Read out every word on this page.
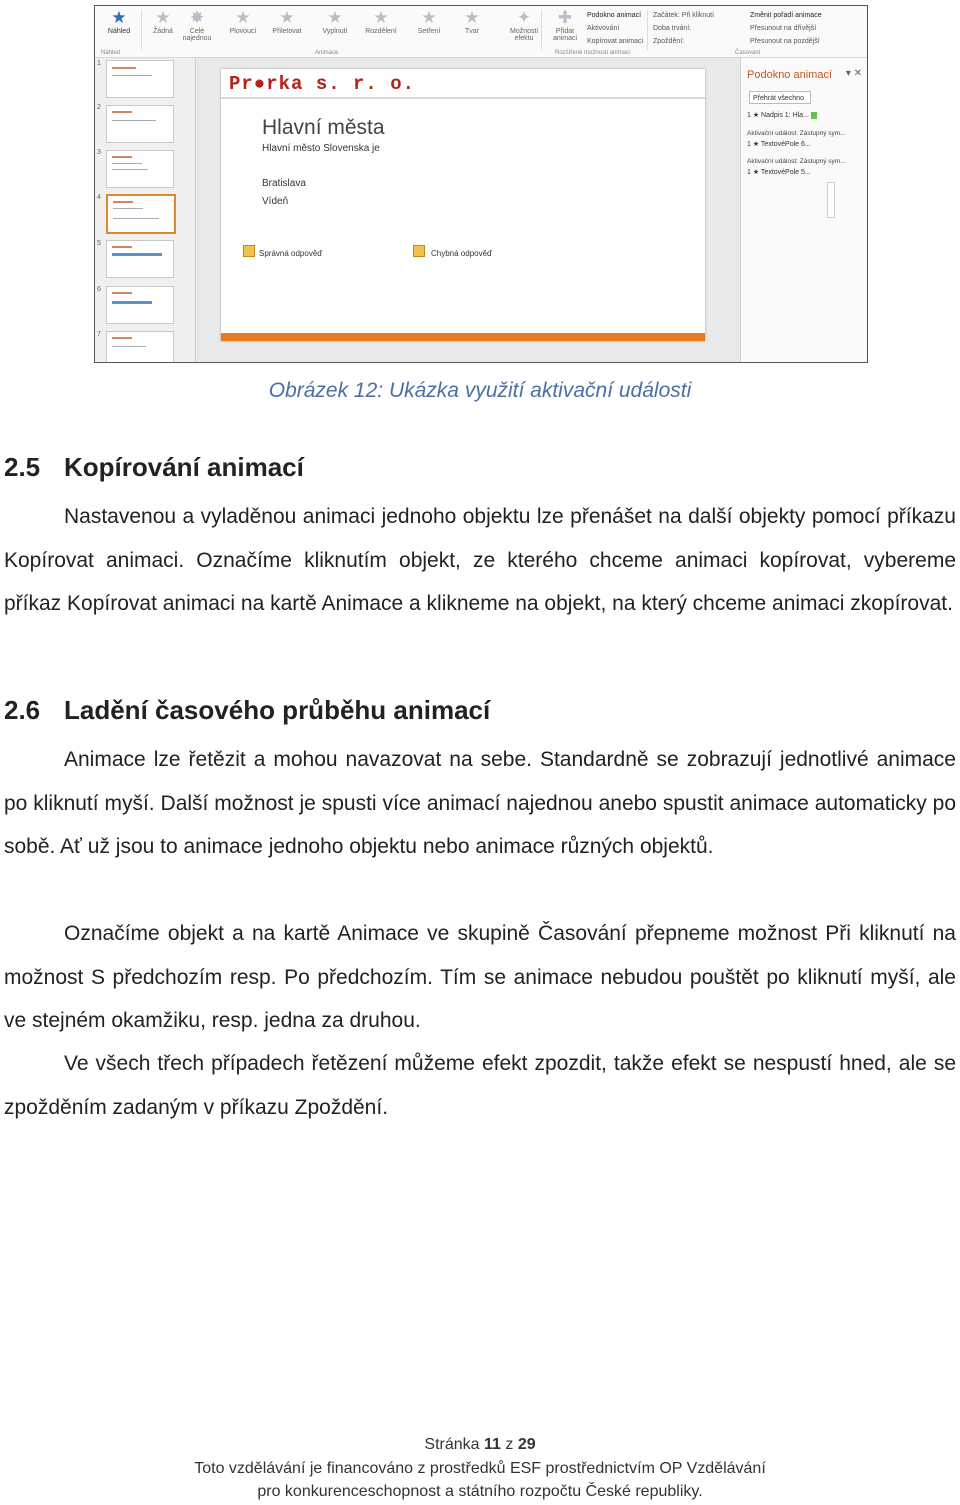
★
Náhled
★
Žádná
✸
Celé najednou
★
Plovoucí
★
Přiletovat
★
Vyplnutí
★
Rozdělení
★
Setření
★
Tvar
✦
Možnosti efektu
✚
Přidat animaci
Podokno animací
Aktivování
Kopírovat animaci
Začátek: Při kliknutí
Doba trvání:
Zpoždění:
Změnit pořadí animace
Přesunout na dřívější
Přesunout na pozdější
Náhled	Animace	Rozšířené možnosti animací	Časování
1
2
3
4
5
6
7
Pr●rka s. r. o.
Hlavní města
Hlavní město Slovenska je
Bratislava
Vídeň
Správná odpověď	Chybná odpověď
Podokno animací ▾ ✕
Přehrát všechno
1 ★ Nadpis 1: Hla...
Aktivační událost: Zástupný sym...
1 ★ TextovéPole 6...
Aktivační událost: Zástupný sym...
1 ★ TextovéPole 5...
Obrázek 12: Ukázka využití aktivační události
2.5 Kopírování animací

Nastavenou a vyladěnou animaci jednoho objektu lze přenášet na další objekty pomocí příkazu Kopírovat animaci. Označíme kliknutím objekt, ze kterého chceme animaci kopírovat, vybereme příkaz Kopírovat animaci na kartě Animace a klikneme na objekt, na který chceme animaci zkopírovat.

2.6 Ladění časového průběhu animací

Animace lze řetězit a mohou navazovat na sebe. Standardně se zobrazují jednotlivé animace po kliknutí myší. Další možnost je spusti více animací najednou anebo spustit animace automaticky po sobě. Ať už jsou to animace jednoho objektu nebo animace různých objektů.

Označíme objekt a na kartě Animace ve skupině Časování přepneme možnost Při kliknutí na možnost S předchozím resp. Po předchozím. Tím se animace nebudou pouštět po kliknutí myší, ale ve stejném okamžiku, resp. jedna za druhou.

Ve všech třech případech řetězení můžeme efekt zpozdit, takže efekt se nespustí hned, ale se zpožděním zadaným v příkazu Zpoždění.

Stránka 11 z 29
Toto vzdělávání je financováno z prostředků ESF prostřednictvím OP Vzdělávání
pro konkurenceschopnost a státního rozpočtu České republiky.
